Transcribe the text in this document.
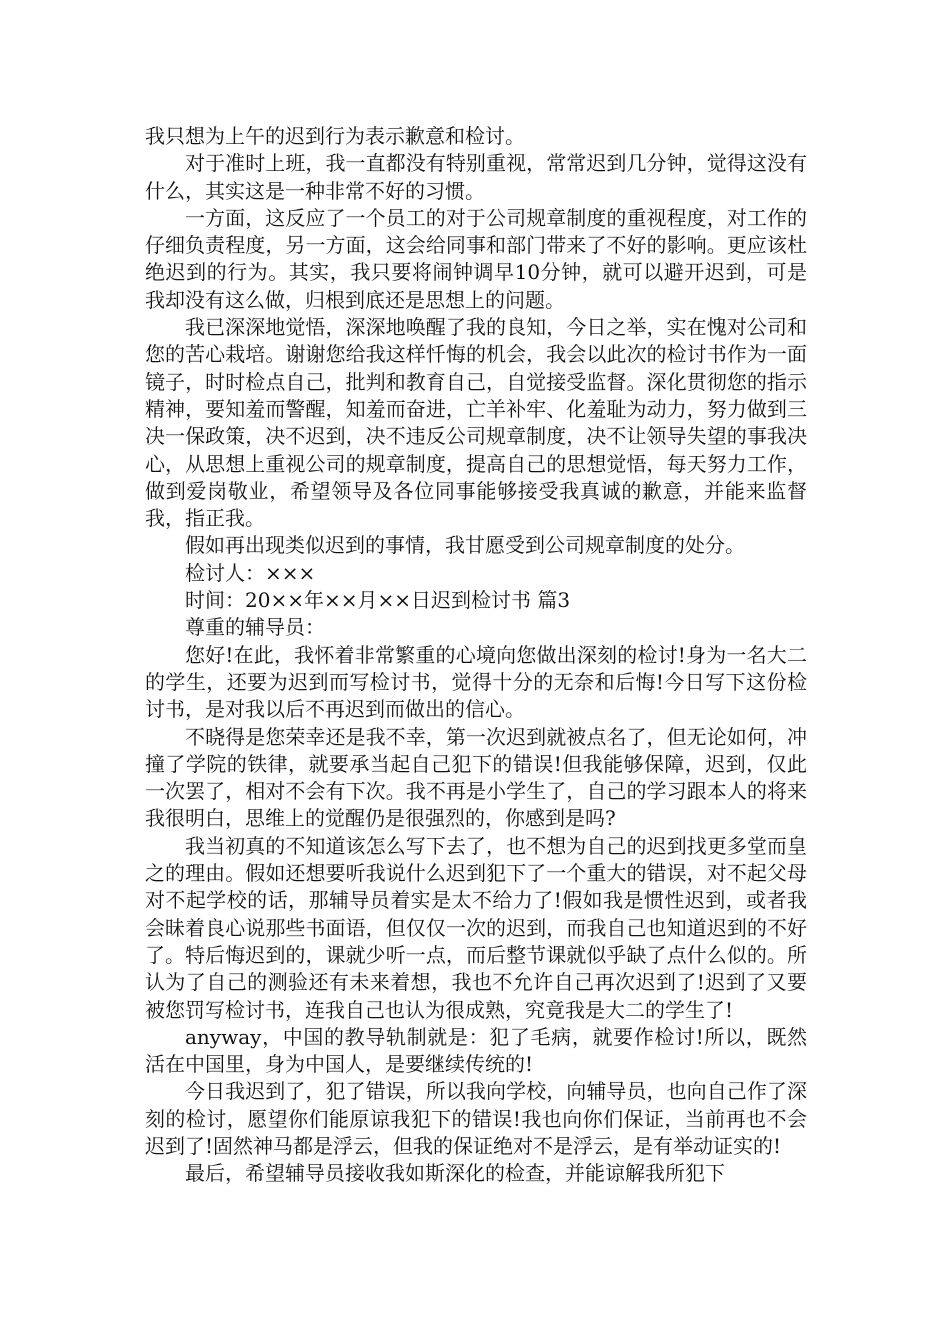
我只想为上午的迟到行为表示歉意和检讨。

对于准时上班，我一直都没有特别重视，常常迟到几分钟，觉得这没有什么，其实这是一种非常不好的习惯。

一方面，这反应了一个员工的对于公司规章制度的重视程度，对工作的仔细负责程度，另一方面，这会给同事和部门带来了不好的影响。更应该杜绝迟到的行为。其实，我只要将闹钟调早10分钟，就可以避开迟到，可是我却没有这么做，归根到底还是思想上的问题。

我已深深地觉悟，深深地唤醒了我的良知，今日之举，实在愧对公司和您的苦心栽培。谢谢您给我这样忏悔的机会，我会以此次的检讨书作为一面镜子，时时检点自己，批判和教育自己，自觉接受监督。深化贯彻您的指示精神，要知羞而警醒，知羞而奋进，亡羊补牢、化羞耻为动力，努力做到三决一保政策，决不迟到，决不违反公司规章制度，决不让领导失望的事我决心，从思想上重视公司的规章制度，提高自己的思想觉悟，每天努力工作，做到爱岗敬业，希望领导及各位同事能够接受我真诚的歉意，并能来监督我，指正我。

假如再出现类似迟到的事情，我甘愿受到公司规章制度的处分。

检讨人：×××

时间：20××年××月××日迟到检讨书 篇3

尊重的辅导员：

您好!在此，我怀着非常繁重的心境向您做出深刻的检讨!身为一名大二的学生，还要为迟到而写检讨书，觉得十分的无奈和后悔!今日写下这份检讨书，是对我以后不再迟到而做出的信心。

不晓得是您荣幸还是我不幸，第一次迟到就被点名了，但无论如何，冲撞了学院的铁律，就要承当起自己犯下的错误!但我能够保障，迟到，仅此一次罢了，相对不会有下次。我不再是小学生了，自己的学习跟本人的将来我很明白，思维上的觉醒仍是很强烈的，你感到是吗?

我当初真的不知道该怎么写下去了，也不想为自己的迟到找更多堂而皇之的理由。假如还想要听我说什么迟到犯下了一个重大的错误，对不起父母对不起学校的话，那辅导员着实是太不给力了!假如我是惯性迟到，或者我会昧着良心说那些书面语，但仅仅一次的迟到，而我自己也知道迟到的不好了。特后悔迟到的，课就少听一点，而后整节课就似乎缺了点什么似的。所认为了自己的测验还有未来着想，我也不允许自己再次迟到了!迟到了又要被您罚写检讨书，连我自己也认为很成熟，究竟我是大二的学生了!

anyway，中国的教导轨制就是：犯了毛病，就要作检讨!所以，既然活在中国里，身为中国人，是要继续传统的!

今日我迟到了，犯了错误，所以我向学校，向辅导员，也向自己作了深刻的检讨，愿望你们能原谅我犯下的错误!我也向你们保证，当前再也不会迟到了!固然神马都是浮云，但我的保证绝对不是浮云，是有举动证实的!

最后，希望辅导员接收我如斯深化的检查，并能谅解我所犯下
